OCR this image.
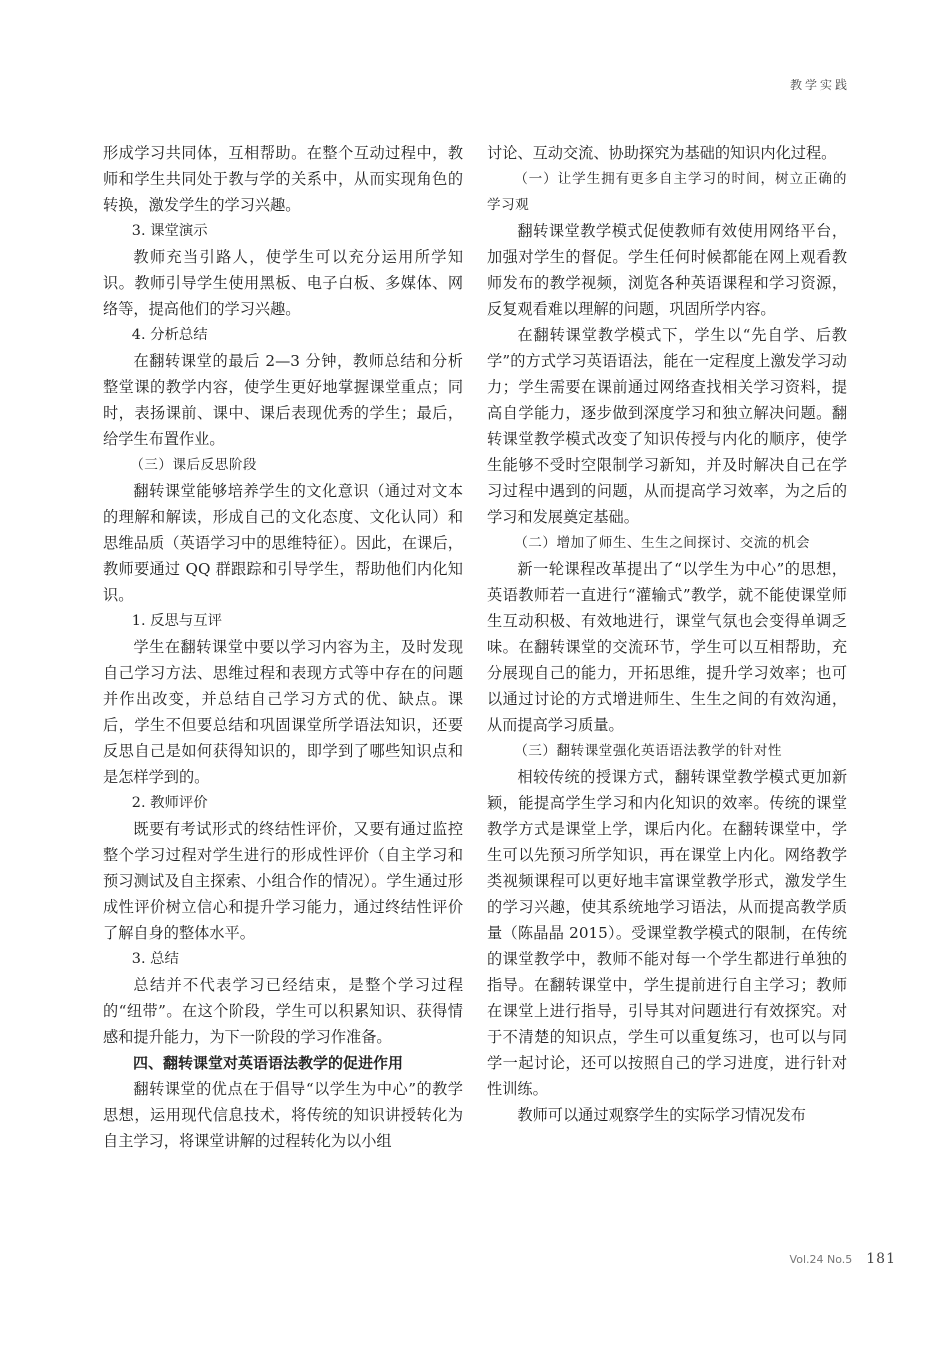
教学实践

形成学习共同体，互相帮助。在整个互动过程中，教师和学生共同处于教与学的关系中，从而实现角色的转换，激发学生的学习兴趣。

3. 课堂演示

教师充当引路人，使学生可以充分运用所学知识。教师引导学生使用黑板、电子白板、多媒体、网络等，提高他们的学习兴趣。

4. 分析总结

在翻转课堂的最后 2—3 分钟，教师总结和分析整堂课的教学内容，使学生更好地掌握课堂重点；同时，表扬课前、课中、课后表现优秀的学生；最后，给学生布置作业。

（三）课后反思阶段

翻转课堂能够培养学生的文化意识（通过对文本的理解和解读，形成自己的文化态度、文化认同）和思维品质（英语学习中的思维特征）。因此，在课后，教师要通过 QQ 群跟踪和引导学生，帮助他们内化知识。

1. 反思与互评

学生在翻转课堂中要以学习内容为主，及时发现自己学习方法、思维过程和表现方式等中存在的问题并作出改变，并总结自己学习方式的优、缺点。课后，学生不但要总结和巩固课堂所学语法知识，还要反思自己是如何获得知识的，即学到了哪些知识点和是怎样学到的。

2. 教师评价

既要有考试形式的终结性评价，又要有通过监控整个学习过程对学生进行的形成性评价（自主学习和预习测试及自主探索、小组合作的情况）。学生通过形成性评价树立信心和提升学习能力，通过终结性评价了解自身的整体水平。

3. 总结

总结并不代表学习已经结束，是整个学习过程的“纽带”。在这个阶段，学生可以积累知识、获得情感和提升能力，为下一阶段的学习作准备。

四、翻转课堂对英语语法教学的促进作用

翻转课堂的优点在于倡导“以学生为中心”的教学思想，运用现代信息技术，将传统的知识讲授转化为自主学习，将课堂讲解的过程转化为以小组

讨论、互动交流、协助探究为基础的知识内化过程。

（一）让学生拥有更多自主学习的时间，树立正确的学习观

翻转课堂教学模式促使教师有效使用网络平台，加强对学生的督促。学生任何时候都能在网上观看教师发布的教学视频，浏览各种英语课程和学习资源，反复观看难以理解的问题，巩固所学内容。

在翻转课堂教学模式下，学生以“先自学、后教学”的方式学习英语语法，能在一定程度上激发学习动力；学生需要在课前通过网络查找相关学习资料，提高自学能力，逐步做到深度学习和独立解决问题。翻转课堂教学模式改变了知识传授与内化的顺序，使学生能够不受时空限制学习新知，并及时解决自己在学习过程中遇到的问题，从而提高学习效率，为之后的学习和发展奠定基础。

（二）增加了师生、生生之间探讨、交流的机会

新一轮课程改革提出了“以学生为中心”的思想，英语教师若一直进行“灌输式”教学，就不能使课堂师生互动积极、有效地进行，课堂气氛也会变得单调乏味。在翻转课堂的交流环节，学生可以互相帮助，充分展现自己的能力，开拓思维，提升学习效率；也可以通过讨论的方式增进师生、生生之间的有效沟通，从而提高学习质量。

（三）翻转课堂强化英语语法教学的针对性

相较传统的授课方式，翻转课堂教学模式更加新颖，能提高学生学习和内化知识的效率。传统的课堂教学方式是课堂上学，课后内化。在翻转课堂中，学生可以先预习所学知识，再在课堂上内化。网络教学类视频课程可以更好地丰富课堂教学形式，激发学生的学习兴趣，使其系统地学习语法，从而提高教学质量（陈晶晶 2015）。受课堂教学模式的限制，在传统的课堂教学中，教师不能对每一个学生都进行单独的指导。在翻转课堂中，学生提前进行自主学习；教师在课堂上进行指导，引导其对问题进行有效探究。对于不清楚的知识点，学生可以重复练习，也可以与同学一起讨论，还可以按照自己的学习进度，进行针对性训练。

教师可以通过观察学生的实际学习情况发布

Vol.24 No.5 181
